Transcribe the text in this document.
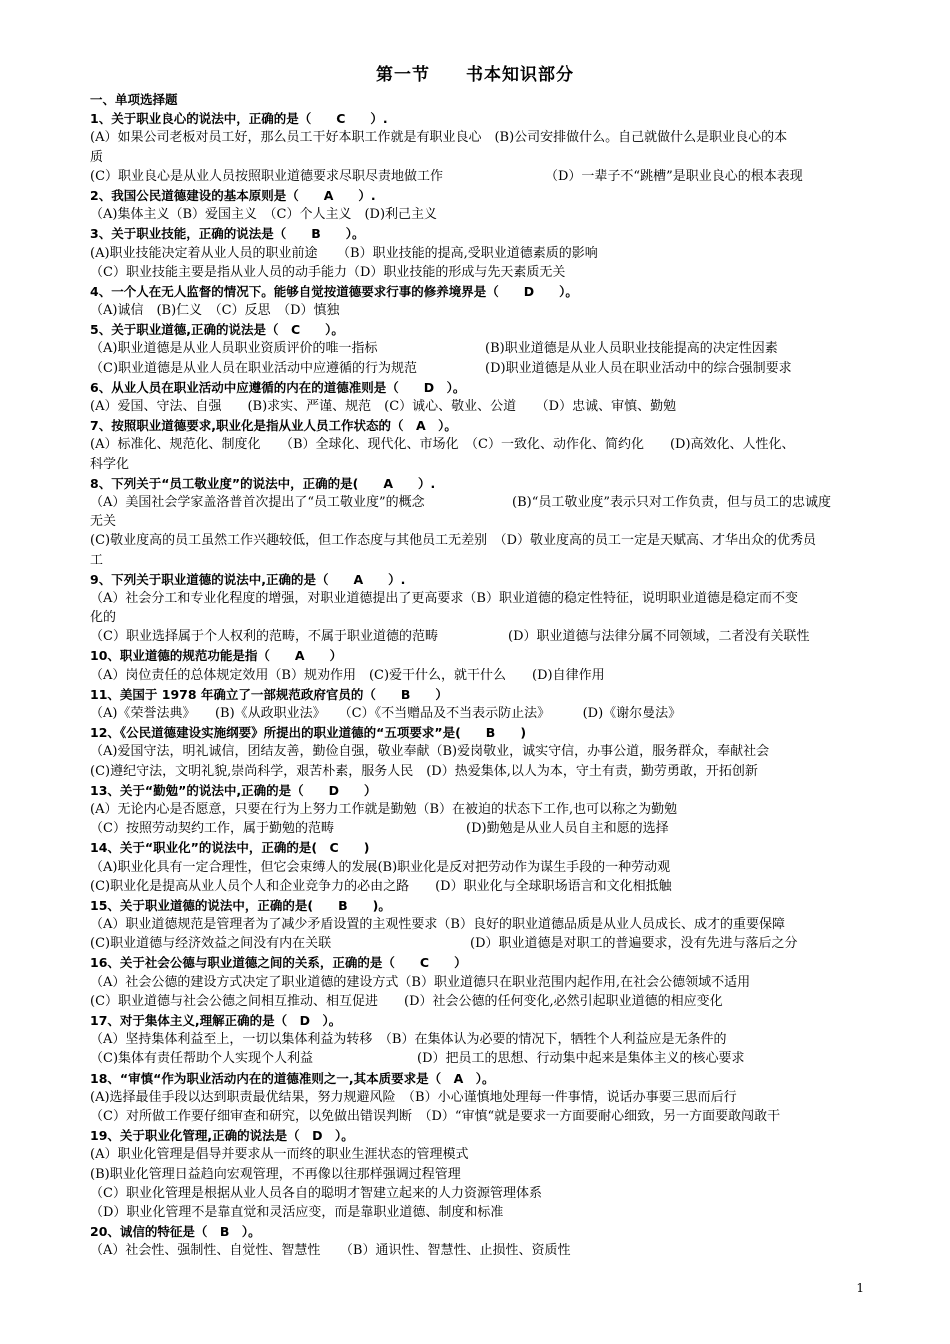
第一节　　书本知识部分
一、单项选择题
1、关于职业良心的说法中，正确的是（　　C　　）.
(A）如果公司老板对员工好，那么员工干好本职工作就是有职业良心　(B)公司安排做什么。自己就做什么是职业良心的本
质
(C）职业良心是从业人员按照职业道德要求尽职尽责地做工作	（D）一辈子不“跳槽”是职业良心的根本表现
2、我国公民道德建设的基本原则是（　　A　　）.
（A)集体主义（B）爱国主义　（C）个人主义　(D)利己主义
3、关于职业技能，正确的说法是（　　B　　）。
(A)职业技能决定着从业人员的职业前途　　（B）职业技能的提高,受职业道德素质的影响
（C）职业技能主要是指从业人员的动手能力（D）职业技能的形成与先天素质无关
4、一个人在无人监督的情况下。能够自觉按道德要求行事的修养境界是（　　D　　）。
（A)诚信　(B)仁义　（C）反思　（D）慎独
5、关于职业道德,正确的说法是（　C　　）。
（A)职业道德是从业人员职业资质评价的唯一指标	(B)职业道德是从业人员职业技能提高的决定性因素
（C)职业道德是从业人员在职业活动中应遵循的行为规范	(D)职业道德是从业人员在职业活动中的综合强制要求
6、从业人员在职业活动中应遵循的内在的道德准则是（　　D　）。
(A）爱国、守法、自强　　(B)求实、严谨、规范　(C）诚心、敬业、公道　　（D）忠诚、审慎、勤勉
7、按照职业道德要求,职业化是指从业人员工作状态的（　A　）。
(A）标准化、规范化、制度化　　（B）全球化、现代化、市场化　（C）一致化、动作化、简约化　　(D)高效化、人性化、
科学化
8、下列关于“员工敬业度”的说法中，正确的是(　　A　　）.
（A）美国社会学家盖洛普首次提出了“员工敬业度”的概念	(B)“员工敬业度”表示只对工作负责，但与员工的忠诚度
无关
(C)敬业度高的员工虽然工作兴趣较低，但工作态度与其他员工无差别　（D）敬业度高的员工一定是天赋高、才华出众的优秀员
工
9、下列关于职业道德的说法中,正确的是（　　A　　）.
（A）社会分工和专业化程度的增强，对职业道德提出了更高要求（B）职业道德的稳定性特征，说明职业道德是稳定而不变
化的
（C）职业选择属于个人权利的范畴，不属于职业道德的范畴	(D）职业道德与法律分属不同领域，二者没有关联性
10、职业道德的规范功能是指（　　A　　）
（A）岗位责任的总体规定效用（B）规劝作用　(C)爱干什么，就干什么　　(D)自律作用
11、美国于 1978 年确立了一部规范政府官员的（　　B　　）
（A)《荣誉法典》　　(B)《从政职业法》　　（C）《不当赠品及不当表示防止法》　　　(D)《谢尔曼法》
12、《公民道德建设实施纲要》所提出的职业道德的“五项要求”是(　　B　　)
（A)爱国守法，明礼诚信，团结友善，勤俭自强，敬业奉献（B)爱岗敬业，诚实守信，办事公道，服务群众，奉献社会
(C)遵纪守法，文明礼貌,崇尚科学，艰苦朴素，服务人民　(D）热爱集体,以人为本，守土有责，勤劳勇敢，开拓创新
13、关于“勤勉”的说法中,正确的是（　　D　　）
(A）无论内心是否愿意，只要在行为上努力工作就是勤勉（B）在被迫的状态下工作,也可以称之为勤勉
（C）按照劳动契约工作，属于勤勉的范畴	(D)勤勉是从业人员自主和愿的选择
14、关于“职业化”的说法中，正确的是(　C　　)
（A)职业化具有一定合理性，但它会束缚人的发展(B)职业化是反对把劳动作为谋生手段的一种劳动观
(C)职业化是提高从业人员个人和企业竞争力的必由之路　　(D）职业化与全球职场语言和文化相抵触
15、关于职业道德的说法中，正确的是(　　B　　)。
（A）职业道德规范是管理者为了减少矛盾设置的主观性要求（B）良好的职业道德品质是从业人员成长、成才的重要保障
(C)职业道德与经济效益之间没有内在关联	(D）职业道德是对职工的普遍要求，没有先进与落后之分
16、关于社会公德与职业道德之间的关系，正确的是（　　C　　）
（A）社会公德的建设方式决定了职业道德的建设方式（B）职业道德只在职业范围内起作用,在社会公德领域不适用
(C）职业道德与社会公德之间相互推动、相互促进　　(D）社会公德的任何变化,必然引起职业道德的相应变化
17、对于集体主义,理解正确的是（　D　）。
（A）坚持集体利益至上，一切以集体利益为转移　（B）在集体认为必要的情况下，牺牲个人利益应是无条件的
（C)集体有责任帮助个人实现个人利益	(D）把员工的思想、行动集中起来是集体主义的核心要求
18、“审慎“作为职业活动内在的道德准则之一,其本质要求是（　A　）。
(A)选择最佳手段以达到职责最优结果，努力规避风险　（B）小心谨慎地处理每一件事情，说话办事要三思而后行
（C）对所做工作要仔细审查和研究，以免做出错误判断　（D）“审慎“就是要求一方面要耐心细致，另一方面要敢闯敢干
19、关于职业化管理,正确的说法是（　D　）。
(A）职业化管理是倡导并要求从一而终的职业生涯状态的管理模式
(B)职业化管理日益趋向宏观管理，不再像以往那样强调过程管理
（C）职业化管理是根据从业人员各自的聪明才智建立起来的人力资源管理体系
（D）职业化管理不是靠直觉和灵活应变，而是靠职业道德、制度和标准
20、诚信的特征是（　B　）。
（A）社会性、强制性、自觉性、智慧性　　（B）通识性、智慧性、止损性、资质性
1
